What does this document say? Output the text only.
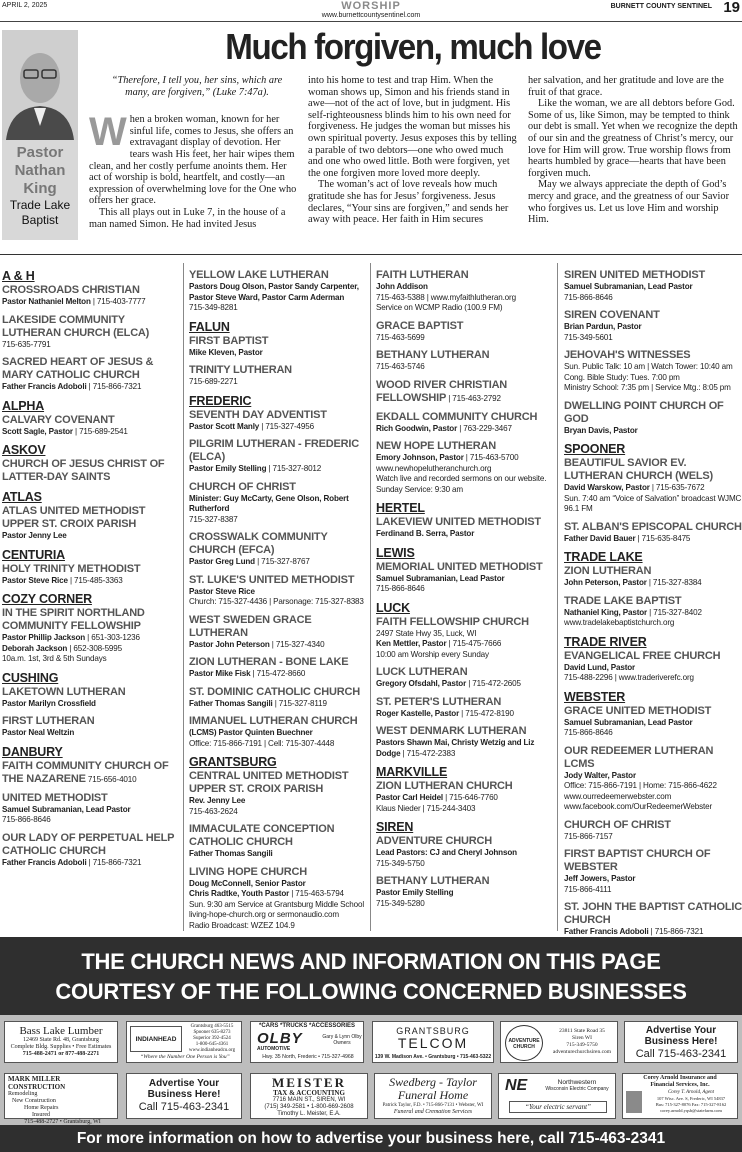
APRIL 2, 2025	WORSHIP
www.burnettcountysentinel.com
BURNETT COUNTY SENTINEL 19
Pastor
Nathan
King
Trade Lake
Baptist
Much forgiven, much love

“Therefore, I tell you, her sins, which are many, are forgiven,” (Luke 7:47a).

When a broken woman, known for her sinful life, comes to Jesus, she offers an extravagant display of devotion. Her tears wash His feet, her hair wipes them clean, and her costly perfume anoints them. Her act of worship is bold, heartfelt, and costly—an expression of overwhelming love for the One who offers her grace.

This all plays out in Luke 7, in the house of a man named Simon. He had invited Jesus

into his home to test and trap Him. When the woman shows up, Simon and his friends stand in awe—not of the act of love, but in judgment. His self-righteousness blinds him to his own need for forgiveness. He judges the woman but misses his own spiritual poverty. Jesus exposes this by telling a parable of two debtors—one who owed much and one who owed little. Both were forgiven, yet the one forgiven more loved more deeply.

The woman’s act of love reveals how much gratitude she has for Jesus’ forgiveness. Jesus declares, “Your sins are forgiven,” and sends her away with peace. Her faith in Him secures

her salvation, and her gratitude and love are the fruit of that grace.

Like the woman, we are all debtors before God. Some of us, like Simon, may be tempted to think our debt is small. Yet when we recognize the depth of our sin and the greatness of Christ’s mercy, our love for Him will grow. True worship flows from hearts humbled by grace—hearts that have been forgiven much.

May we always appreciate the depth of God’s mercy and grace, and the greatness of our Savior who forgives us. Let us love Him and worship Him.

A & H
CROSSROADS CHRISTIAN
Pastor Nathaniel Melton | 715-403-7777
LAKESIDE COMMUNITY LUTHERAN CHURCH (ELCA)
715-635-7791
SACRED HEART OF JESUS & MARY CATHOLIC CHURCH
Father Francis Adoboli | 715-866-7321
ALPHA
CALVARY COVENANT
Scott Sagle, Pastor | 715-689-2541
ASKOV
CHURCH OF JESUS CHRIST OF LATTER-DAY SAINTS
ATLAS
ATLAS UNITED METHODIST UPPER ST. CROIX PARISH
Pastor Jenny Lee
CENTURIA
HOLY TRINITY METHODIST
Pastor Steve Rice | 715-485-3363
COZY CORNER
IN THE SPIRIT NORTHLAND COMMUNITY FELLOWSHIP
Pastor Phillip Jackson | 651-303-1236
Deborah Jackson | 652-308-5995
10a.m. 1st, 3rd & 5th Sundays
CUSHING
LAKETOWN LUTHERAN
Pastor Marilyn Crossfield
FIRST LUTHERAN
Pastor Neal Weltzin
DANBURY
FAITH COMMUNITY CHURCH OF THE NAZARENE 715-656-4010
UNITED METHODIST
Samuel Subramanian, Lead Pastor
715-866-8646
OUR LADY OF PERPETUAL HELP CATHOLIC CHURCH
Father Francis Adoboli | 715-866-7321
YELLOW LAKE LUTHERAN
Pastors Doug Olson, Pastor Sandy Carpenter, Pastor Steve Ward, Pastor Carm Aderman
715-349-8281
FALUN
FIRST BAPTIST
Mike Kleven, Pastor
TRINITY LUTHERAN
715-689-2271
FREDERIC
SEVENTH DAY ADVENTIST
Pastor Scott Manly | 715-327-4956
PILGRIM LUTHERAN - FREDERIC (ELCA)
Pastor Emily Stelling | 715-327-8012
CHURCH OF CHRIST
Minister: Guy McCarty, Gene Olson, Robert Rutherford
715-327-8387
CROSSWALK COMMUNITY CHURCH (EFCA)
Pastor Greg Lund | 715-327-8767
ST. LUKE'S UNITED METHODIST
Pastor Steve Rice
Church: 715-327-4436 | Parsonage: 715-327-8383
WEST SWEDEN GRACE LUTHERAN
Pastor John Peterson | 715-327-4340
ZION LUTHERAN - BONE LAKE
Pastor Mike Fisk | 715-472-8660
ST. DOMINIC CATHOLIC CHURCH
Father Thomas Sangili | 715-327-8119
IMMANUEL LUTHERAN CHURCH
(LCMS) Pastor Quinten Buechner
Office: 715-866-7191 | Cell: 715-307-4448
GRANTSBURG
CENTRAL UNITED METHODIST UPPER ST. CROIX PARISH
Rev. Jenny Lee
715-463-2624
IMMACULATE CONCEPTION CATHOLIC CHURCH
Father Thomas Sangili
LIVING HOPE CHURCH
Doug McConnell, Senior Pastor
Chris Radtke, Youth Pastor | 715-463-5794
Sun. 9:30 am Service at Grantsburg Middle School
living-hope-church.org or sermonaudio.com
Radio Broadcast: WZEZ 104.9
FAITH LUTHERAN
John Addison
715-463-5388 | www.myfaithlutheran.org
Service on WCMP Radio (100.9 FM)
GRACE BAPTIST
715-463-5699
BETHANY LUTHERAN
715-463-5746
WOOD RIVER CHRISTIAN FELLOWSHIP | 715-463-2792
EKDALL COMMUNITY CHURCH
Rich Goodwin, Pastor | 763-229-3467
NEW HOPE LUTHERAN
Emory Johnson, Pastor | 715-463-5700
www.newhopelutheranchurch.org
Watch live and recorded sermons on our website. Sunday Service: 9:30 am
HERTEL
LAKEVIEW UNITED METHODIST
Ferdinand B. Serra, Pastor
LEWIS
MEMORIAL UNITED METHODIST
Samuel Subramanian, Lead Pastor
715-866-8646
LUCK
FAITH FELLOWSHIP CHURCH
2497 State Hwy 35, Luck, WI
Ken Mettler, Pastor | 715-475-7666
10:00 am Worship every Sunday
LUCK LUTHERAN
Gregory Ofsdahl, Pastor | 715-472-2605
ST. PETER'S LUTHERAN
Roger Kastelle, Pastor | 715-472-8190
WEST DENMARK LUTHERAN
Pastors Shawn Mai, Christy Wetzig and Liz Dodge | 715-472-2383
MARKVILLE
ZION LUTHERAN CHURCH
Pastor Carl Heidel | 715-646-7760
Klaus Nieder | 715-244-3403
SIREN
ADVENTURE CHURCH
Lead Pastors: CJ and Cheryl Johnson
715-349-5750
BETHANY LUTHERAN
Pastor Emily Stelling
715-349-5280
SIREN UNITED METHODIST
Samuel Subramanian, Lead Pastor
715-866-8646
SIREN COVENANT
Brian Pardun, Pastor
715-349-5601
JEHOVAH'S WITNESSES
Sun. Public Talk: 10 am | Watch Tower: 10:40 am
Cong. Bible Study: Tues. 7:00 pm
Ministry School: 7:35 pm | Service Mtg.: 8:05 pm
DWELLING POINT CHURCH OF GOD
Bryan Davis, Pastor
SPOONER
BEAUTIFUL SAVIOR EV. LUTHERAN CHURCH (WELS)
David Warskow, Pastor | 715-635-7672
Sun. 7:40 am “Voice of Salvation” broadcast WJMC 96.1 FM
ST. ALBAN'S EPISCOPAL CHURCH
Father David Bauer | 715-635-8475
TRADE LAKE
ZION LUTHERAN
John Peterson, Pastor | 715-327-8384
TRADE LAKE BAPTIST
Nathaniel King, Pastor | 715-327-8402
www.tradelakebaptistchurch.org
TRADE RIVER
EVANGELICAL FREE CHURCH
David Lund, Pastor
715-488-2296 | www.traderiverefc.org
WEBSTER
GRACE UNITED METHODIST
Samuel Subramanian, Lead Pastor
715-866-8646
OUR REDEEMER LUTHERAN LCMS
Jody Walter, Pastor
Office: 715-866-7191 | Home: 715-866-4622
www.ourredeemerwebster.com
www.facebook.com/OurRedeemerWebster
CHURCH OF CHRIST
715-866-7157
FIRST BAPTIST CHURCH OF WEBSTER
Jeff Jowers, Pastor
715-866-4111
ST. JOHN THE BAPTIST CATHOLIC CHURCH
Father Francis Adoboli | 715-866-7321
THE CHURCH NEWS AND INFORMATION ON THIS PAGE
COURTESY OF THE FOLLOWING CONCERNED BUSINESSES
Bass Lake Lumber
12469 State Rd. 48, Grantsburg
Complete Bldg. Supplies • Free Estimates
715-488-2471 or 877-488-2271
INDIANHEAD
Grantsburg 463-5515
Spooner 635-8273
Superior 392-4524
1-800-645-4361
www.indianheadcu.org
“Where the Number One Person is You”
*CARS *TRUCKS *ACCESSORIES
OLBY
AUTOMOTIVE
Gary & Lynn Olby Owners
Hwy. 35 North, Frederic • 715-327-4968
GRANTSBURG
TELCOM
139 W. Madison Ave. • Grantsburg • 715-463-5322
ADVENTURE
CHURCH
23811 State Road 35
Siren WI
715-349-5750
adventurechurchsiren.com
Advertise Your
Business Here!
Call 715-463-2341
MARK MILLER CONSTRUCTION
Remodeling
New Construction
Home Repairs
Insured
715-488-2727 • Grantsburg, WI
Advertise Your
Business Here!
Call 715-463-2341
MEISTER
TAX & ACCOUNTING
7716 MAIN ST., SIREN, WI
(715) 349-2581 • 1-800-669-2608
Timothy L. Meister, E.A.
Swedberg - Taylor
Funeral Home
Patrick Taylor, F.D. • 715-866-7131 • Webster, WI
Funeral and Cremation Services
NE	Northwestern
Wisconsin Electric Company
“Your electric servant”
Corey Arnold Insurance and
Financial Services, Inc.
Corey T. Arnold, Agent
107 Wisc. Ave. S, Frederic, WI 54837
Bus: 715-327-8076 Fax: 715-327-8162
corey.arnold.yqsb@statefarm.com
For more information on how to advertise your business here, call 715-463-2341
